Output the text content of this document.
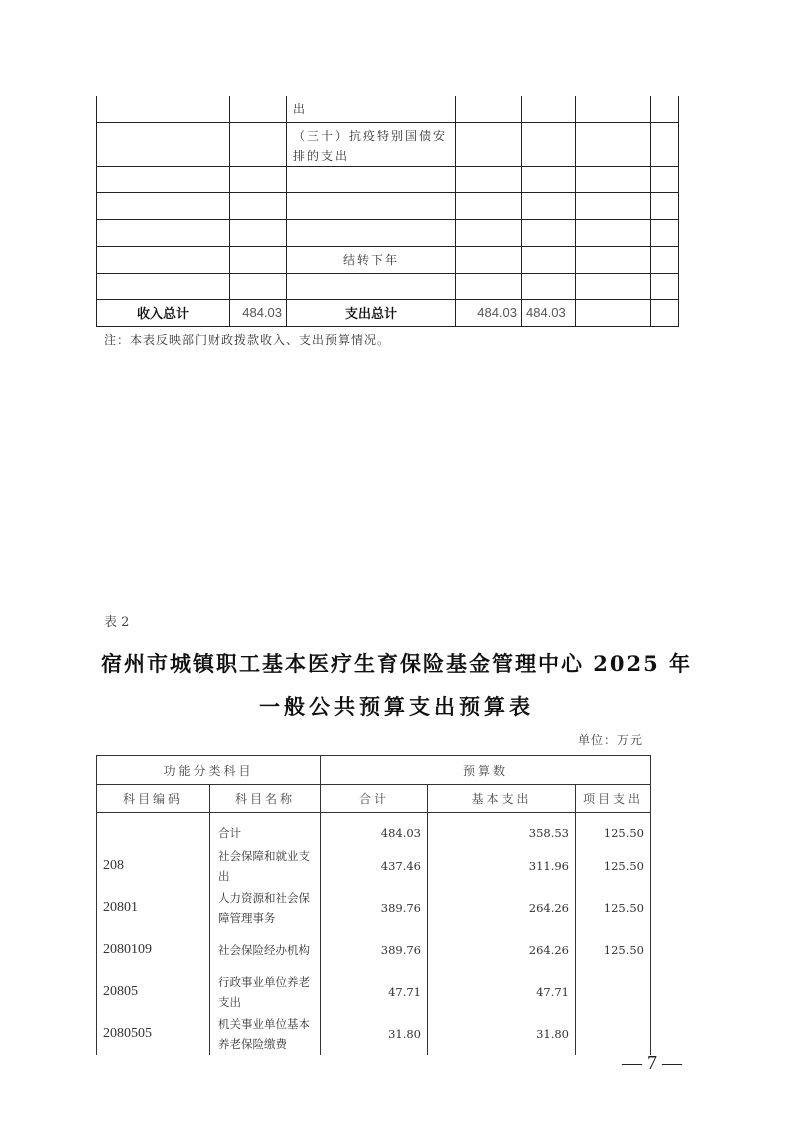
		出				
		（三十）抗疫特别国债安排的支出				

		结转下年				

收入总计	484.03	支出总计	484.03	484.03		
注：本表反映部门财政拨款收入、支出预算情况。
表 2
宿州市城镇职工基本医疗生育保险基金管理中心 2025 年
一般公共预算支出预算表
单位：万元
功能分类科目		预算数		
科目编码	科目名称	合计	基本支出	项目支出
	合计	484.03	358.53	125.50
208	社会保障和就业支出	437.46	311.96	125.50
20801	人力资源和社会保障管理事务	389.76	264.26	125.50
2080109	社会保险经办机构	389.76	264.26	125.50
20805	行政事业单位养老支出	47.71	47.71	
2080505	机关事业单位基本养老保险缴费	31.80	31.80	
— 7 —
